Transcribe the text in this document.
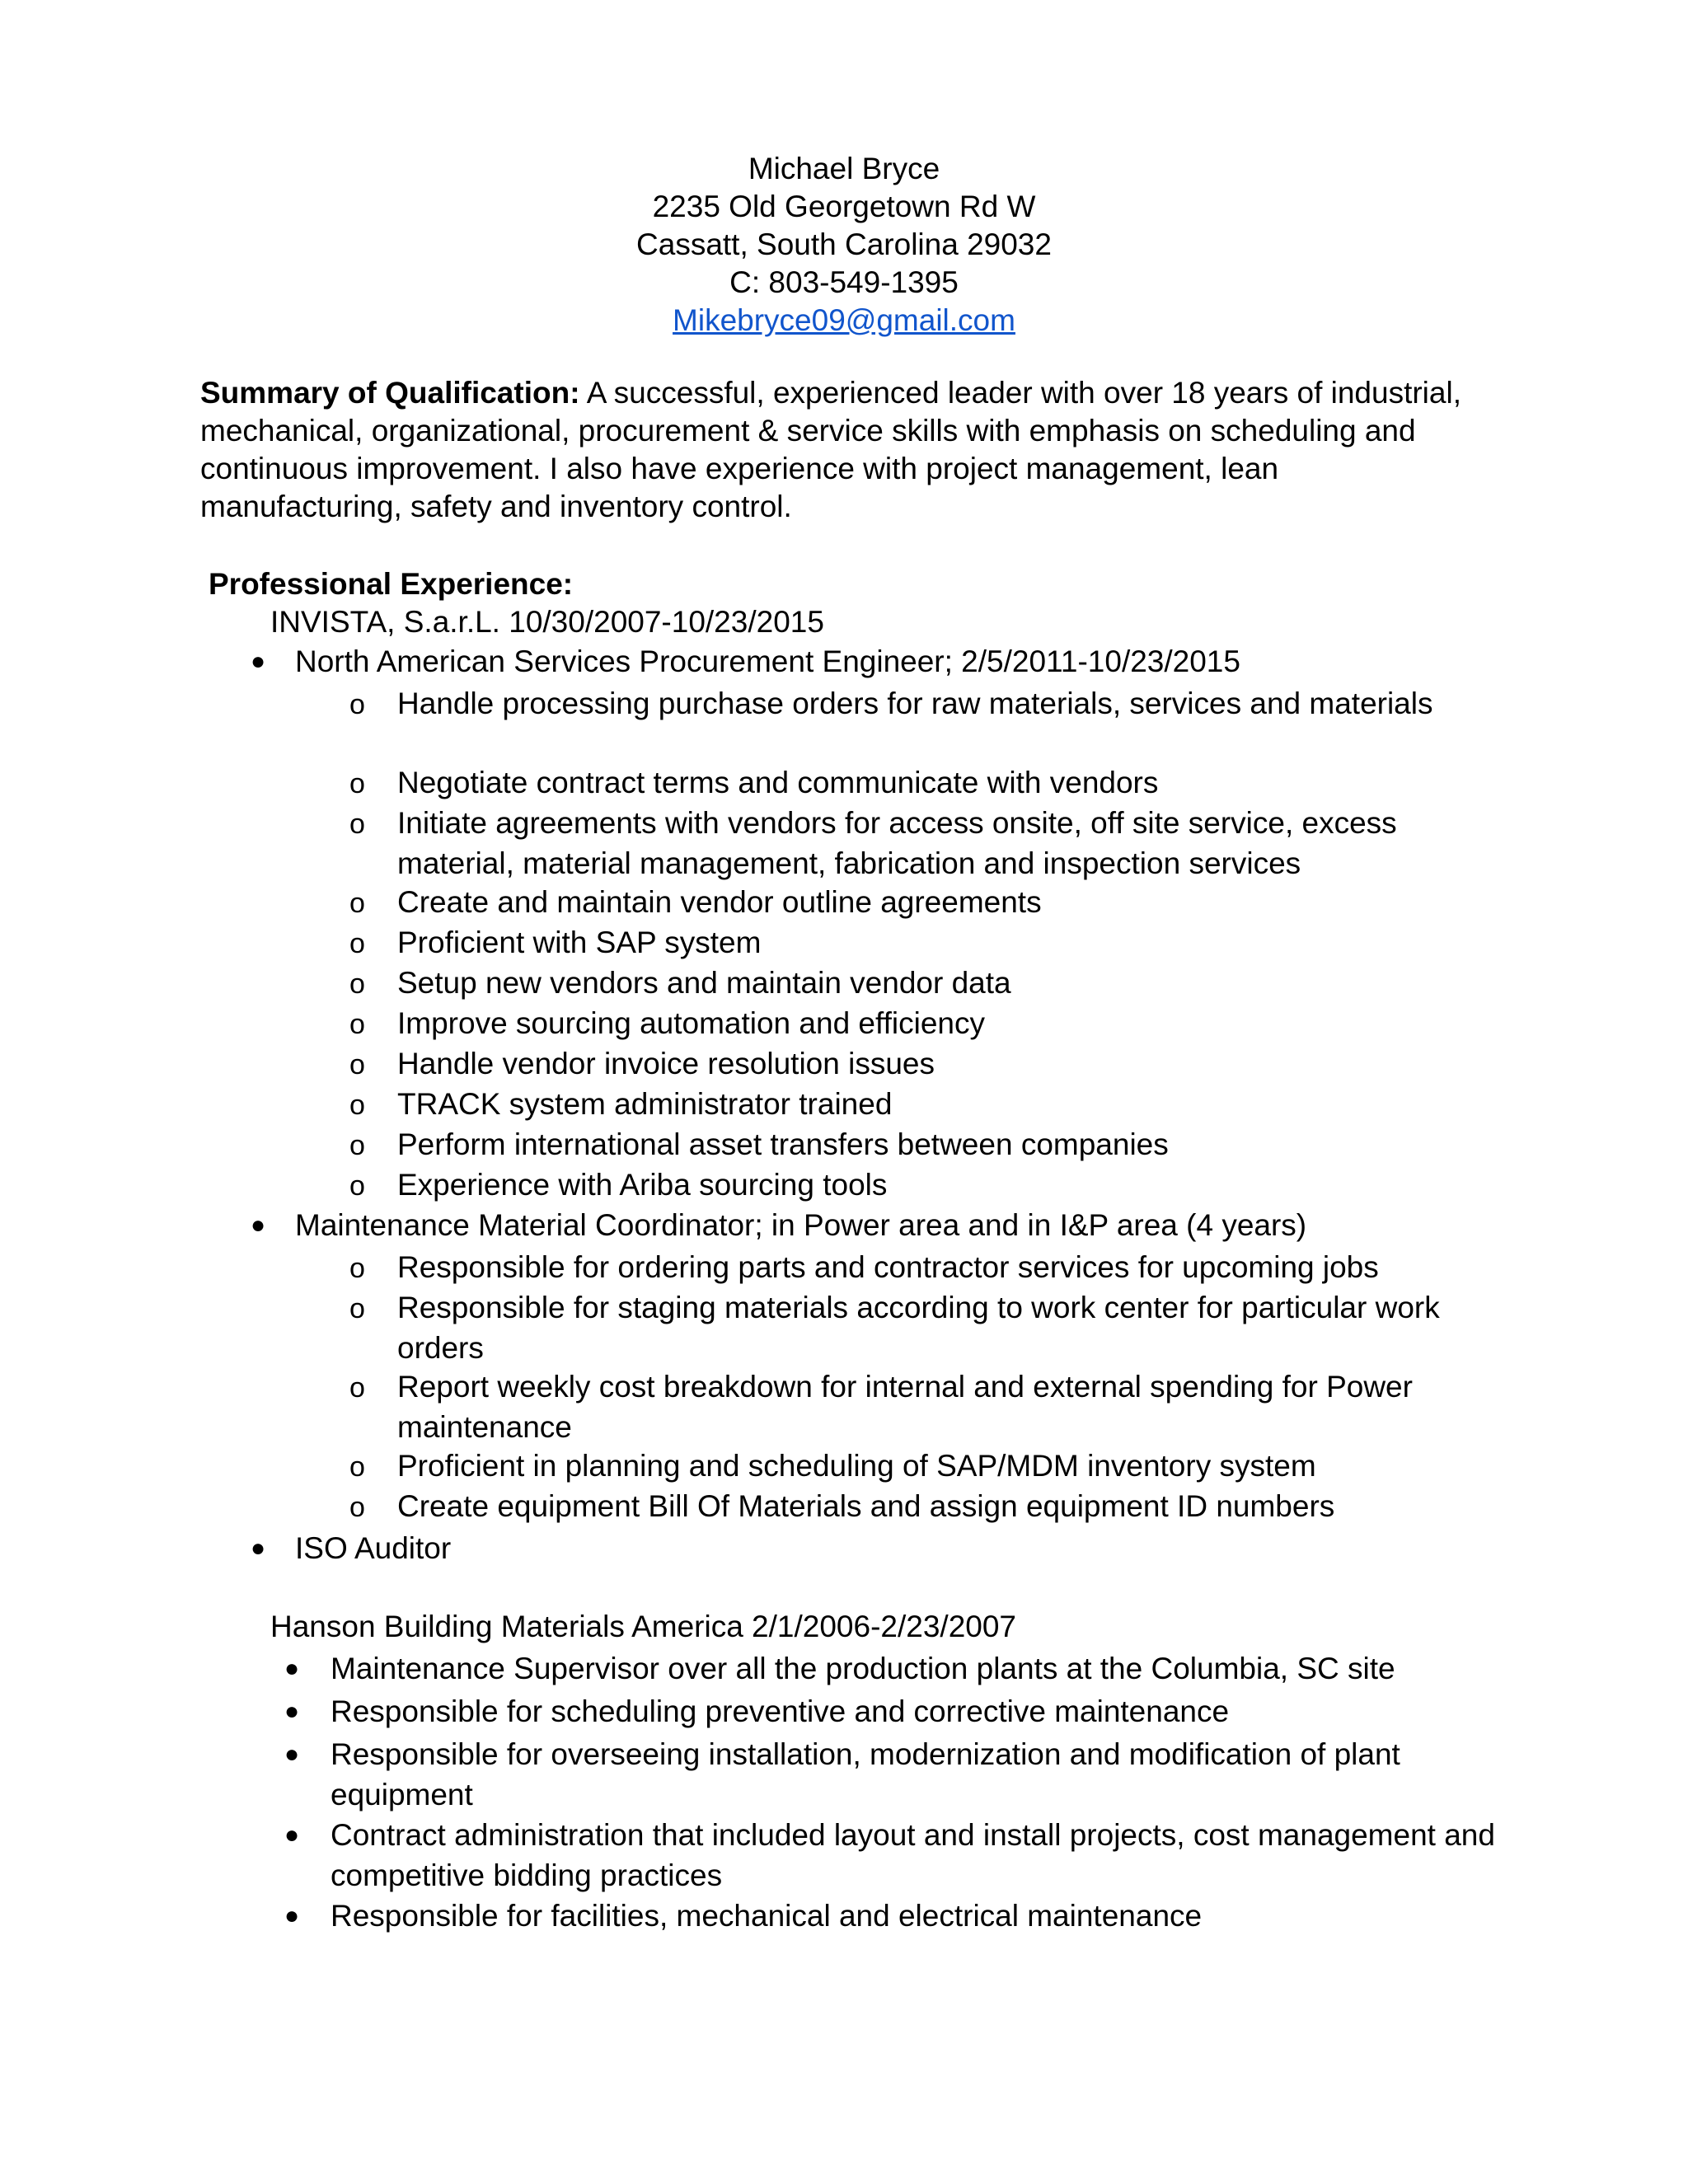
Michael Bryce
2235 Old Georgetown Rd W
Cassatt, South Carolina 29032
C: 803-549-1395
Mikebryce09@gmail.com
Summary of Qualification: A successful, experienced leader with over 18 years of industrial, mechanical, organizational, procurement & service skills with emphasis on scheduling and continuous improvement. I also have experience with project management, lean manufacturing, safety and inventory control.
Professional Experience:
INVISTA, S.a.r.L. 10/30/2007-10/23/2015
● North American Services Procurement Engineer; 2/5/2011-10/23/2015
o Handle processing purchase orders for raw materials, services and materials
o Negotiate contract terms and communicate with vendors
o Initiate agreements with vendors for access onsite, off site service, excess material, material management, fabrication and inspection services
o Create and maintain vendor outline agreements
o Proficient with SAP system
o Setup new vendors and maintain vendor data
o Improve sourcing automation and efficiency
o Handle vendor invoice resolution issues
o TRACK system administrator trained
o Perform international asset transfers between companies
o Experience with Ariba sourcing tools
● Maintenance Material Coordinator; in Power area and in I&P area (4 years)
o Responsible for ordering parts and contractor services for upcoming jobs
o Responsible for staging materials according to work center for particular work orders
o Report weekly cost breakdown for internal and external spending for Power maintenance
o Proficient in planning and scheduling of SAP/MDM inventory system
o Create equipment Bill Of Materials and assign equipment ID numbers
● ISO Auditor
Hanson Building Materials America 2/1/2006-2/23/2007
● Maintenance Supervisor over all the production plants at the Columbia, SC site
● Responsible for scheduling preventive and corrective maintenance
● Responsible for overseeing installation, modernization and modification of plant equipment
● Contract administration that included layout and install projects, cost management and competitive bidding practices
● Responsible for facilities, mechanical and electrical maintenance
